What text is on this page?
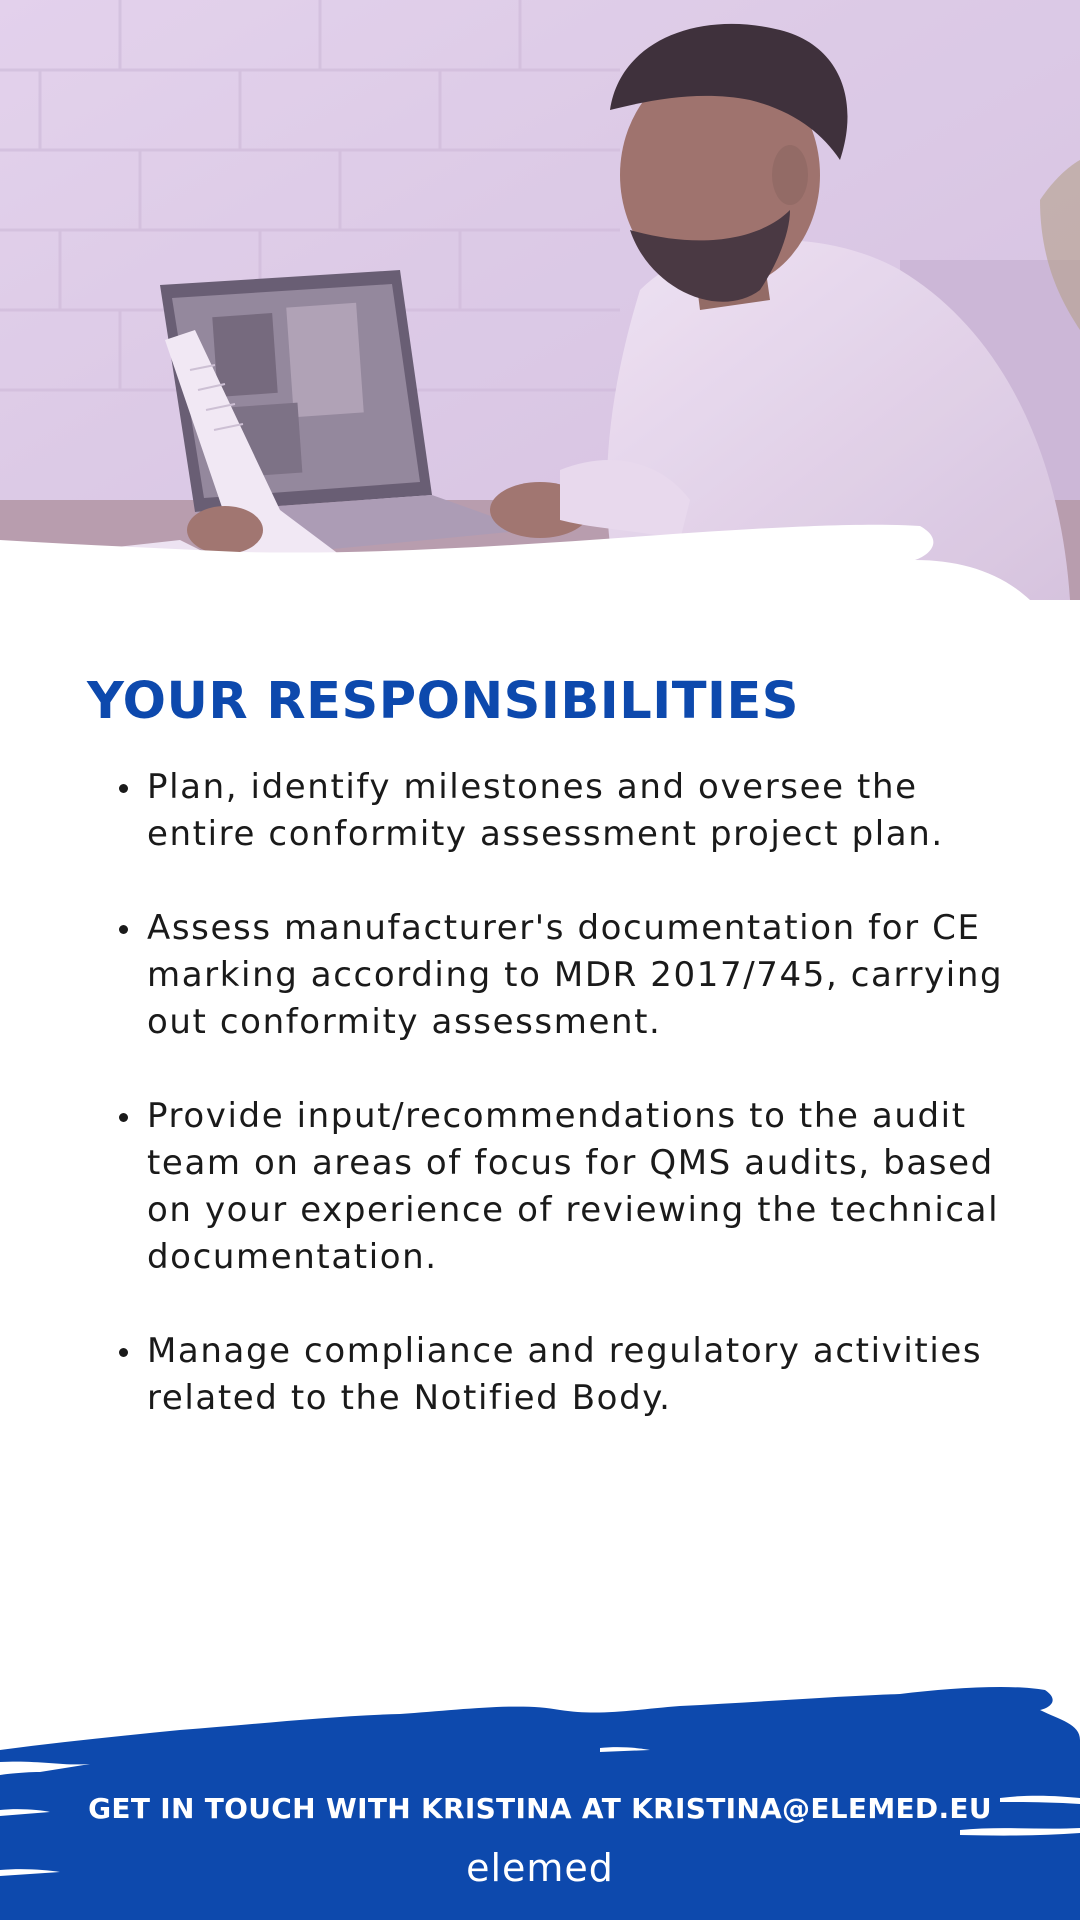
YOUR RESPONSIBILITIES
Plan, identify milestones and oversee the entire conformity assessment project plan.
Assess manufacturer's documentation for CE marking according to MDR 2017/745, carrying out conformity assessment.
Provide input/recommendations to the audit team on areas of focus for QMS audits, based on your experience of reviewing the technical documentation.
Manage compliance and regulatory activities related to the Notified Body.
GET IN TOUCH WITH KRISTINA AT KRISTINA@ELEMED.EU
elemed
